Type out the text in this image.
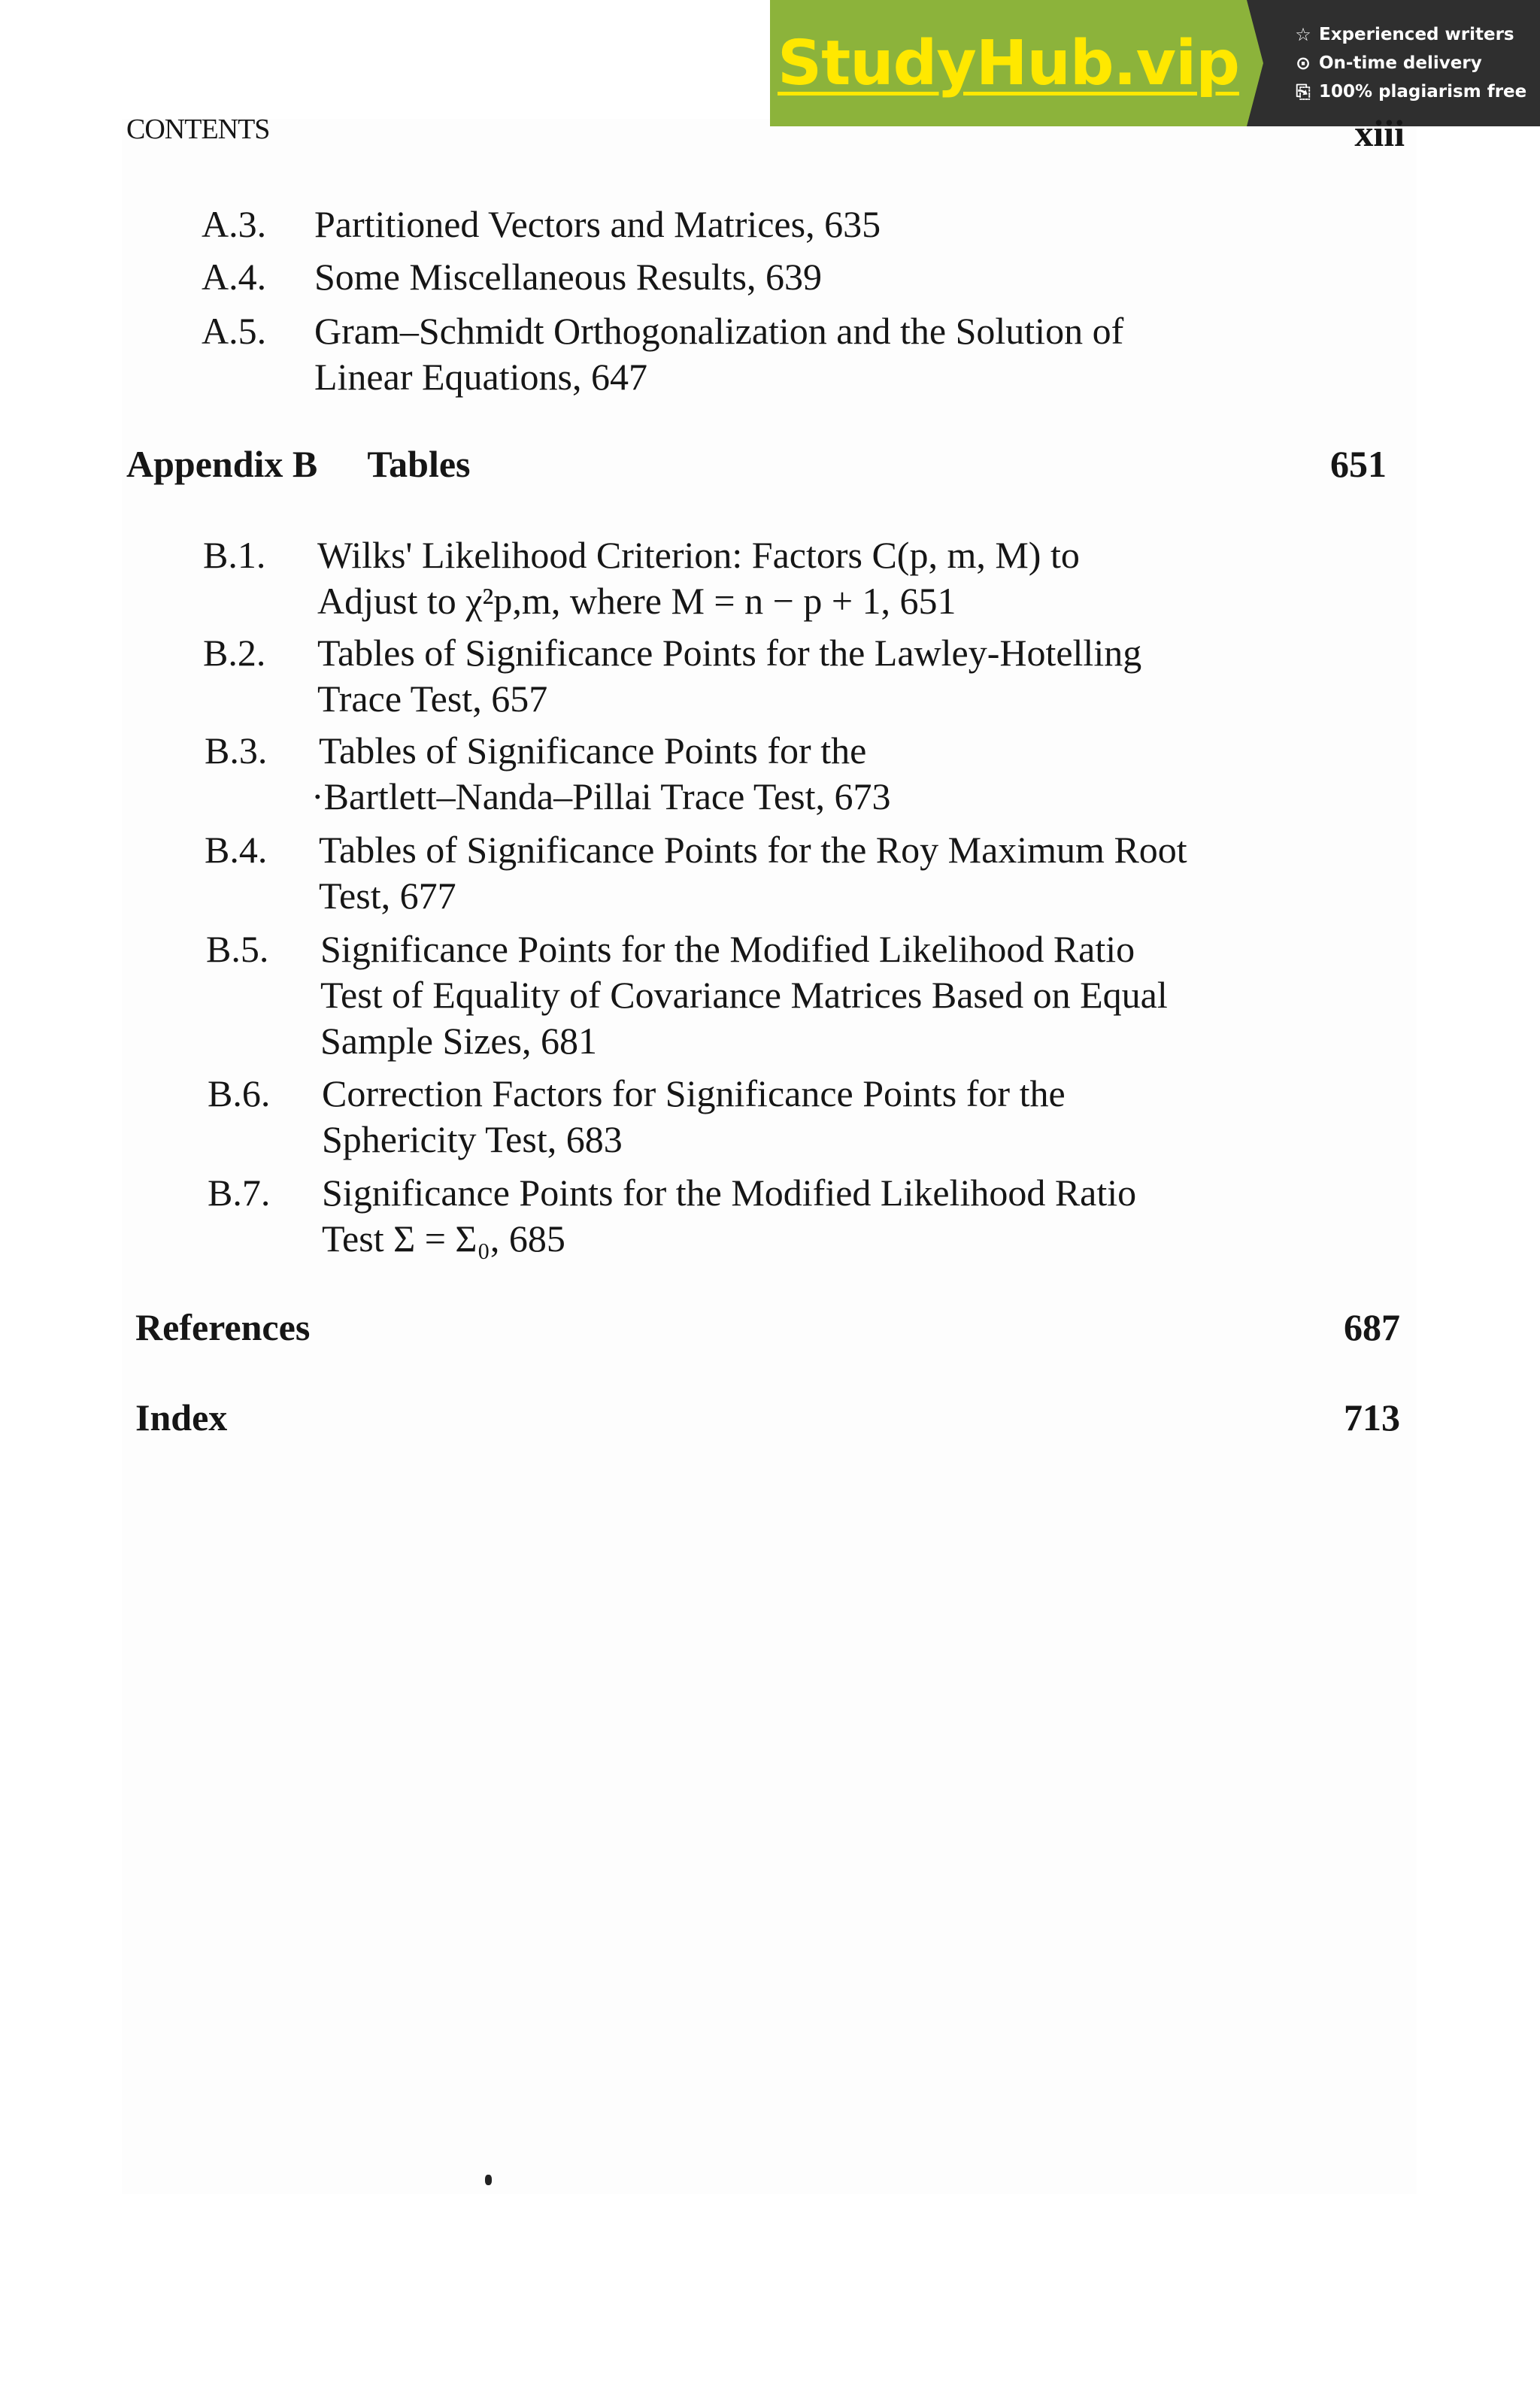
StudyHub.vip	☆ Experienced writers
⊙ On-time delivery
⎘ 100% plagiarism free
CONTENTS	xiii
A.3. Partitioned Vectors and Matrices, 635
A.4. Some Miscellaneous Results, 639
A.5. Gram–Schmidt Orthogonalization and the Solution of
Linear Equations, 647
Appendix B Tables	651
B.1. Wilks' Likelihood Criterion: Factors C(p, m, M) to
Adjust to χ²p,m, where M = n − p + 1, 651
B.2. Tables of Significance Points for the Lawley-Hotelling
Trace Test, 657
B.3. Tables of Significance Points for the
·Bartlett–Nanda–Pillai Trace Test, 673
B.4. Tables of Significance Points for the Roy Maximum Root
Test, 677
B.5. Significance Points for the Modified Likelihood Ratio
Test of Equality of Covariance Matrices Based on Equal
Sample Sizes, 681
B.6. Correction Factors for Significance Points for the
Sphericity Test, 683
B.7. Significance Points for the Modified Likelihood Ratio
Test Σ = Σ₀, 685
References	687
Index	713
